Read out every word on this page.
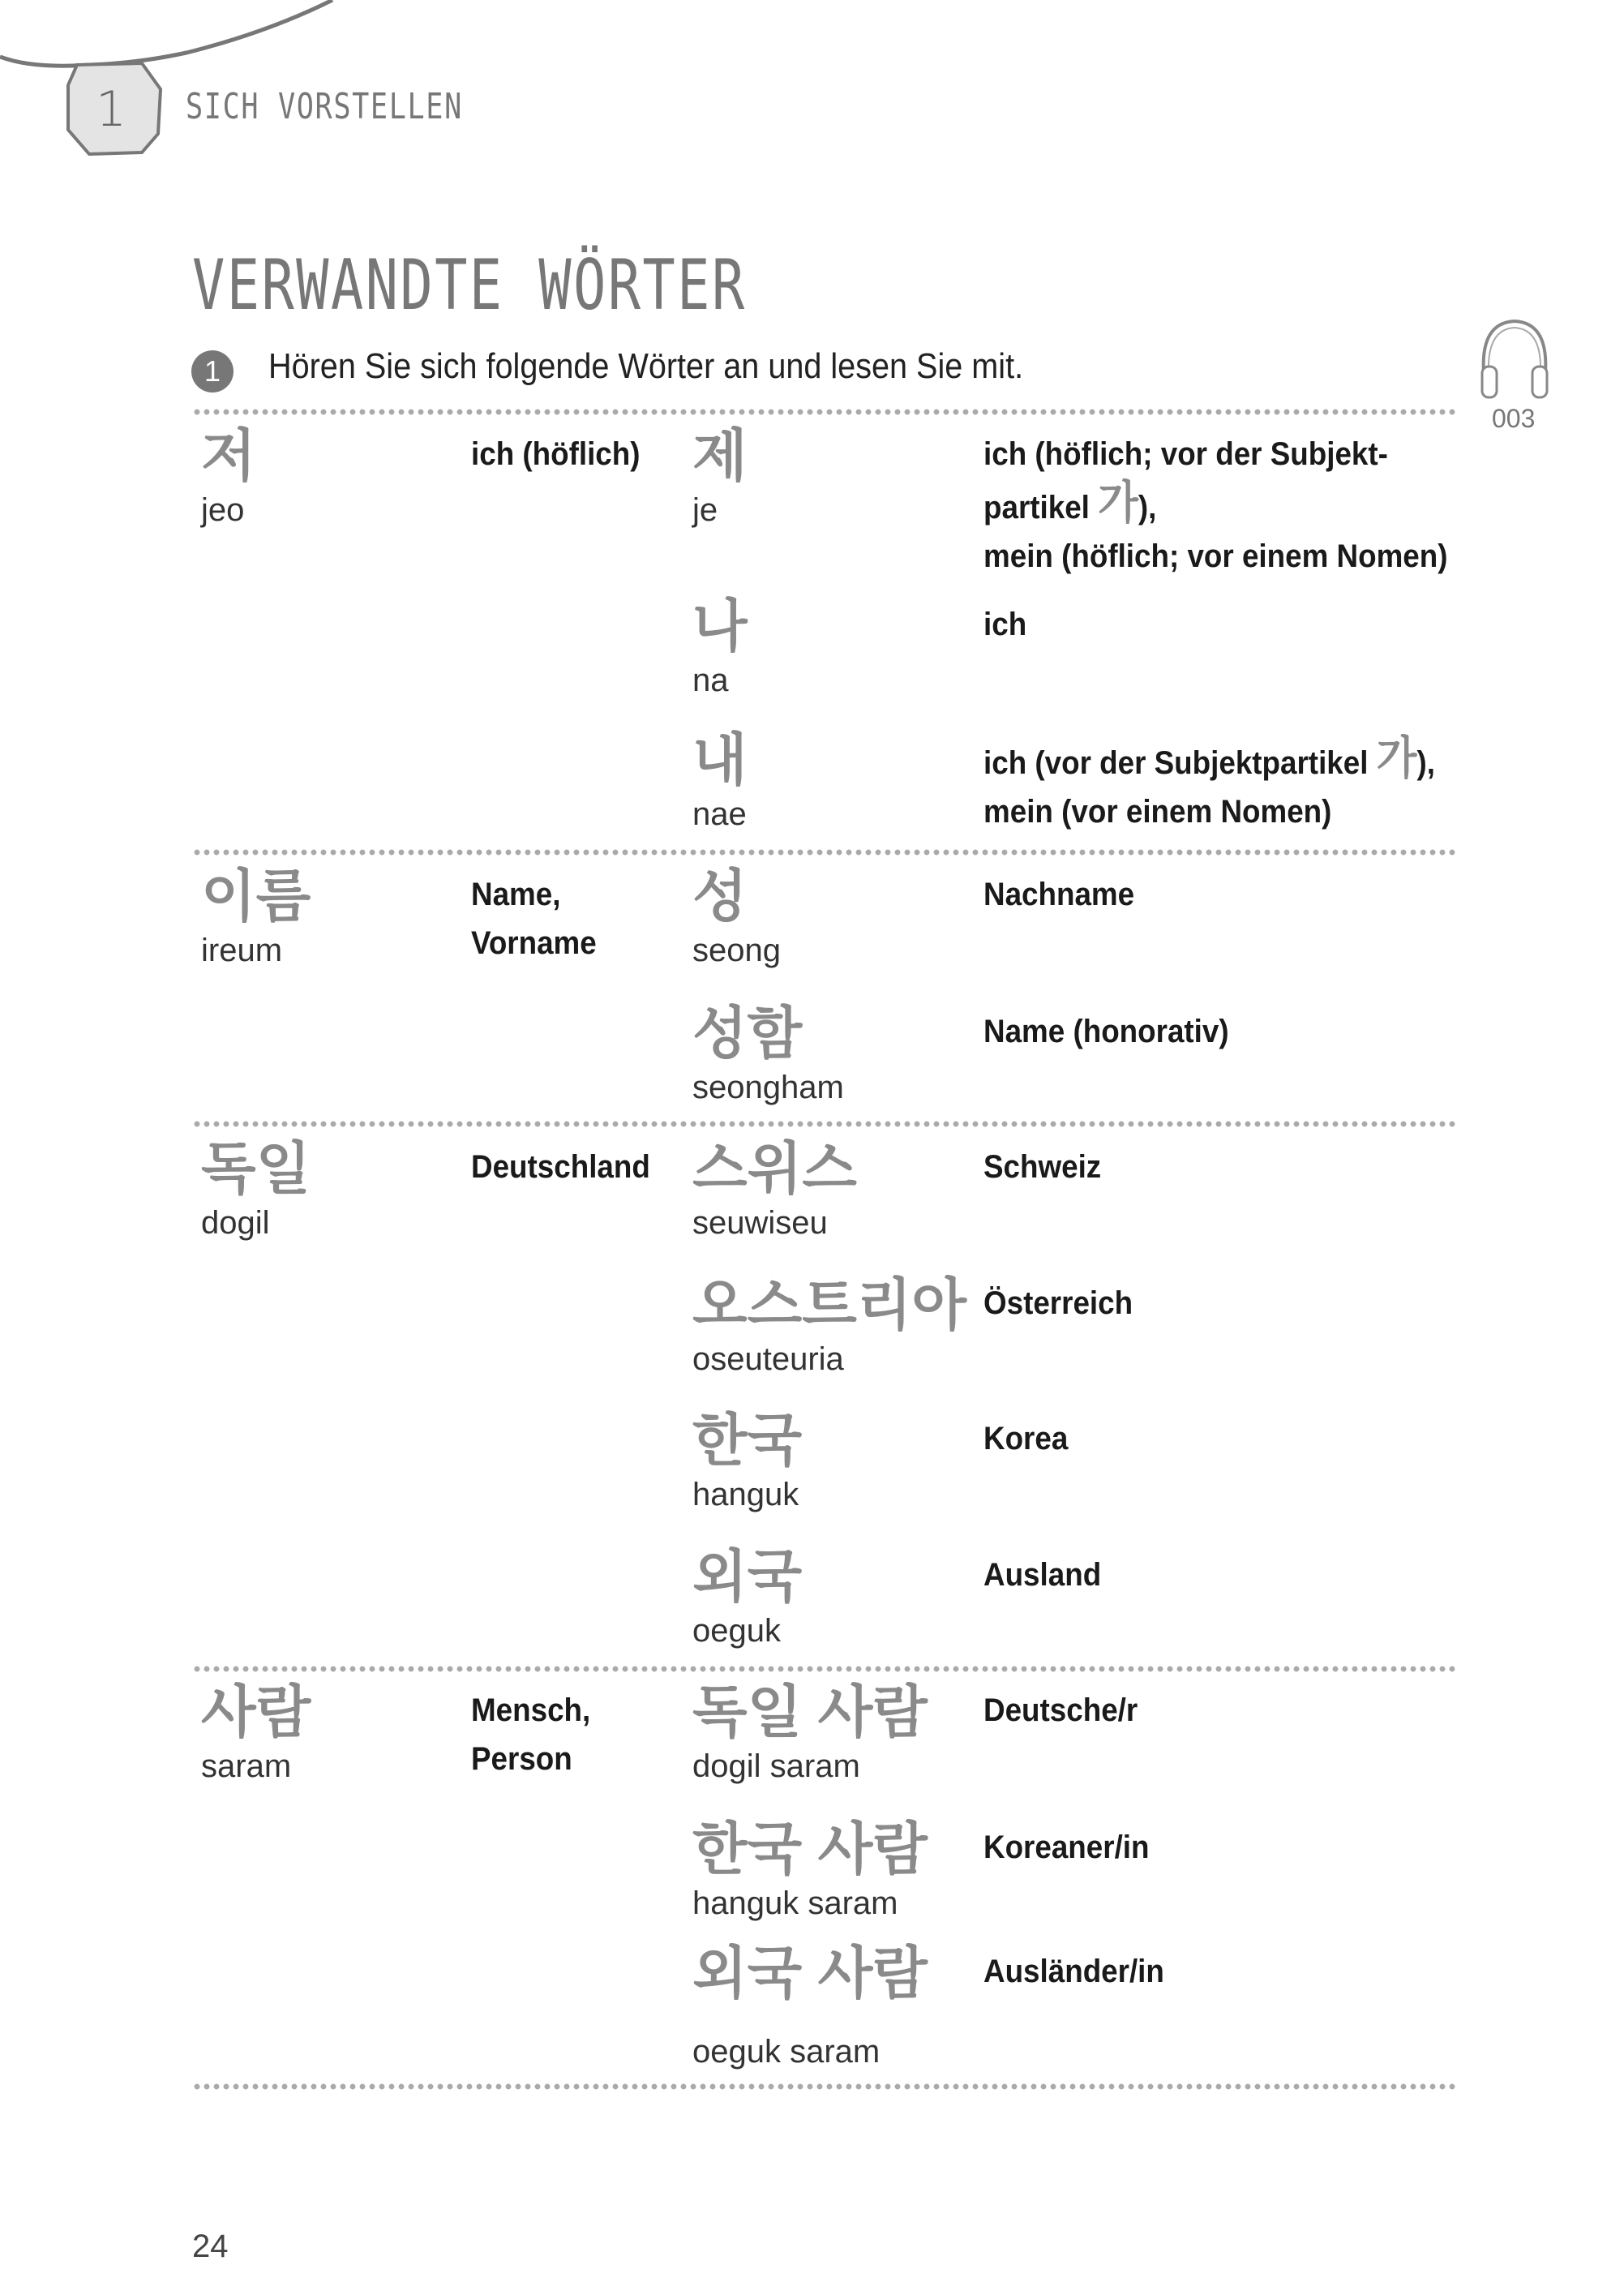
1 SICH VORSTELLEN
VERWANDTE WÖRTER
1	Hören Sie sich folgende Wörter an und lesen Sie mit.
003
저
jeo
ich (höflich) 제
je
ich (höflich; vor der Subjekt-
partikel 가),
mein (höflich; vor einem Nomen)
나
na
ich
내
nae
ich (vor der Subjektpartikel 가),
mein (vor einem Nomen)
이름
ireum
Name,
Vorname
성
seong
Nachname
성함
seongham
Name (honorativ)
독일
dogil
Deutschland 스위스
seuwiseu
Schweiz
오스트리아
oseuteuria
Österreich
한국
hanguk
Korea
외국
oeguk
Ausland
사람
saram
Mensch,
Person
독일 사람
dogil saram
Deutsche/r
한국 사람
hanguk saram
Koreaner/in
외국 사람
oeguk saram
Ausländer/in
24
